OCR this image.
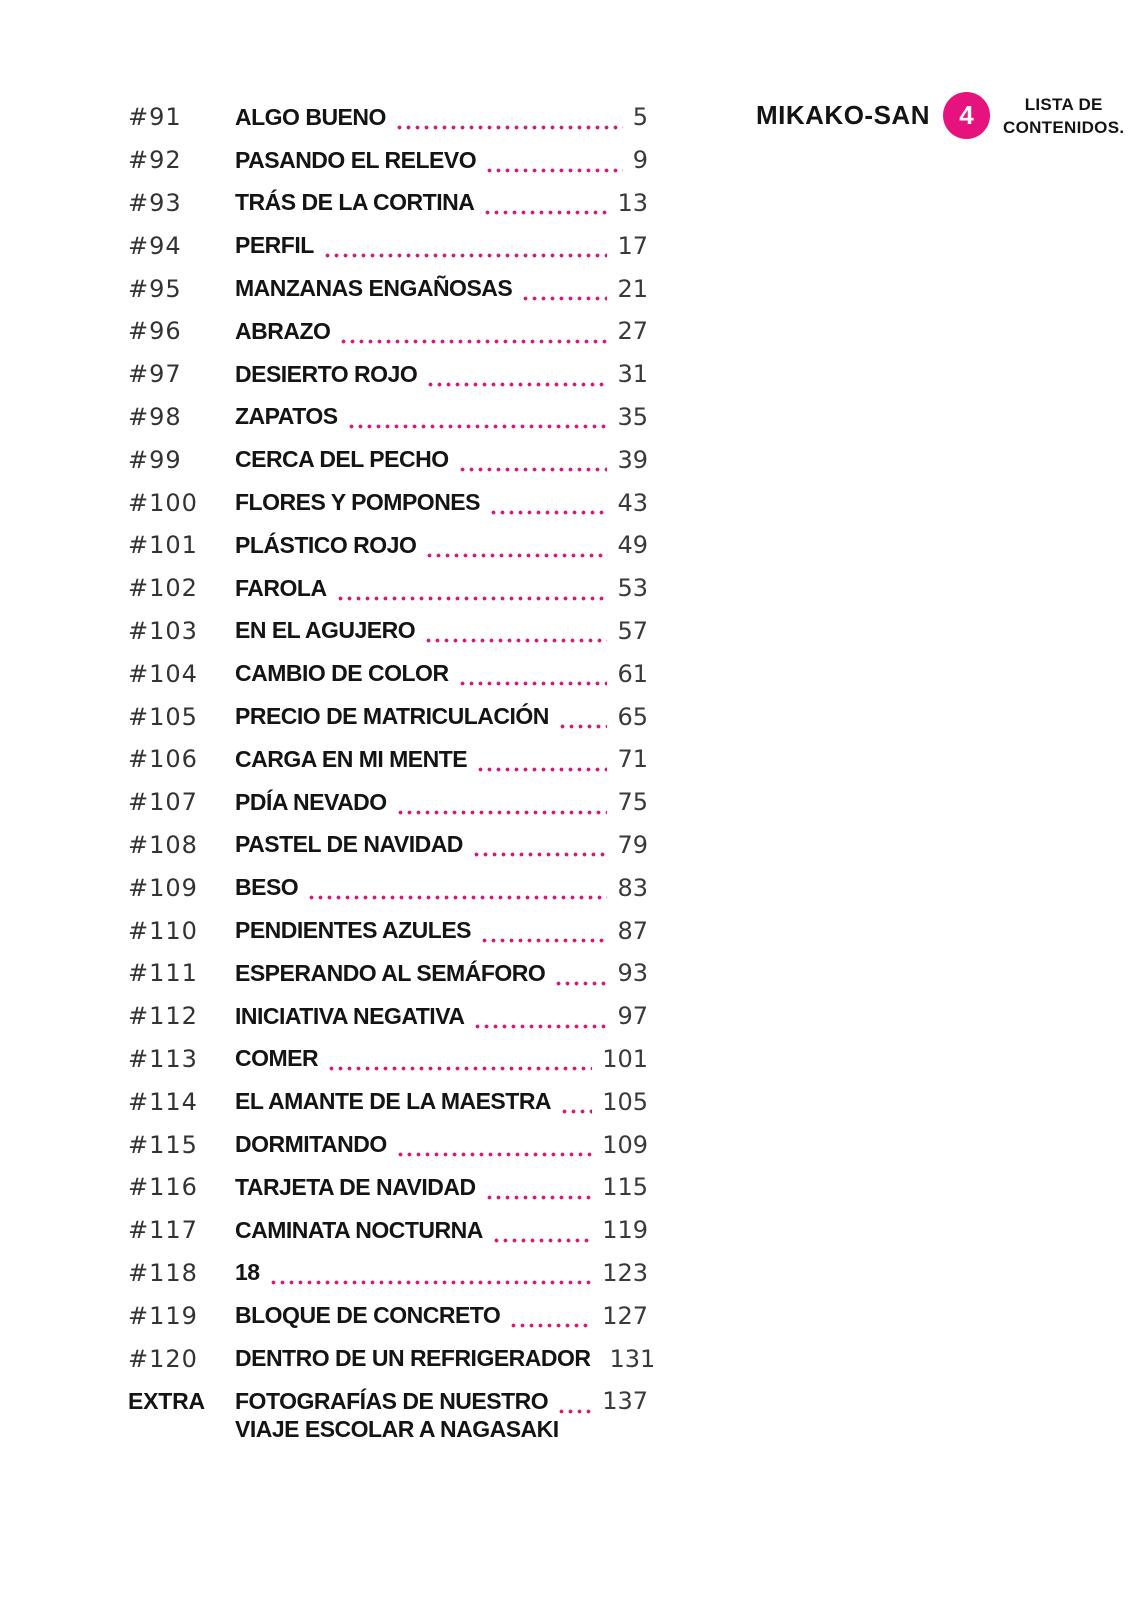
MIKAKO-SAN 4	LISTA DE
CONTENIDOS.
#91	ALGO BUENO	5
#92	PASANDO EL RELEVO	9
#93	TRÁS DE LA CORTINA	13
#94	PERFIL	17
#95	MANZANAS ENGAÑOSAS	21
#96	ABRAZO	27
#97	DESIERTO ROJO	31
#98	ZAPATOS	35
#99	CERCA DEL PECHO	39
#100	FLORES Y POMPONES	43
#101	PLÁSTICO ROJO	49
#102	FAROLA	53
#103	EN EL AGUJERO	57
#104	CAMBIO DE COLOR	61
#105	PRECIO DE MATRICULACIÓN	65
#106	CARGA EN MI MENTE	71
#107	PDÍA NEVADO	75
#108	PASTEL DE NAVIDAD	79
#109	BESO	83
#110	PENDIENTES AZULES	87
#111	ESPERANDO AL SEMÁFORO	93
#112	INICIATIVA NEGATIVA	97
#113	COMER	101
#114	EL AMANTE DE LA MAESTRA 105
#115	DORMITANDO	109
#116	TARJETA DE NAVIDAD	115
#117	CAMINATA NOCTURNA	119
#118	18	123
#119	BLOQUE DE CONCRETO	127
#120	DENTRO DE UN REFRIGERADOR 131
EXTRA	FOTOGRAFÍAS DE NUESTRO 137
VIAJE ESCOLAR A NAGASAKI
